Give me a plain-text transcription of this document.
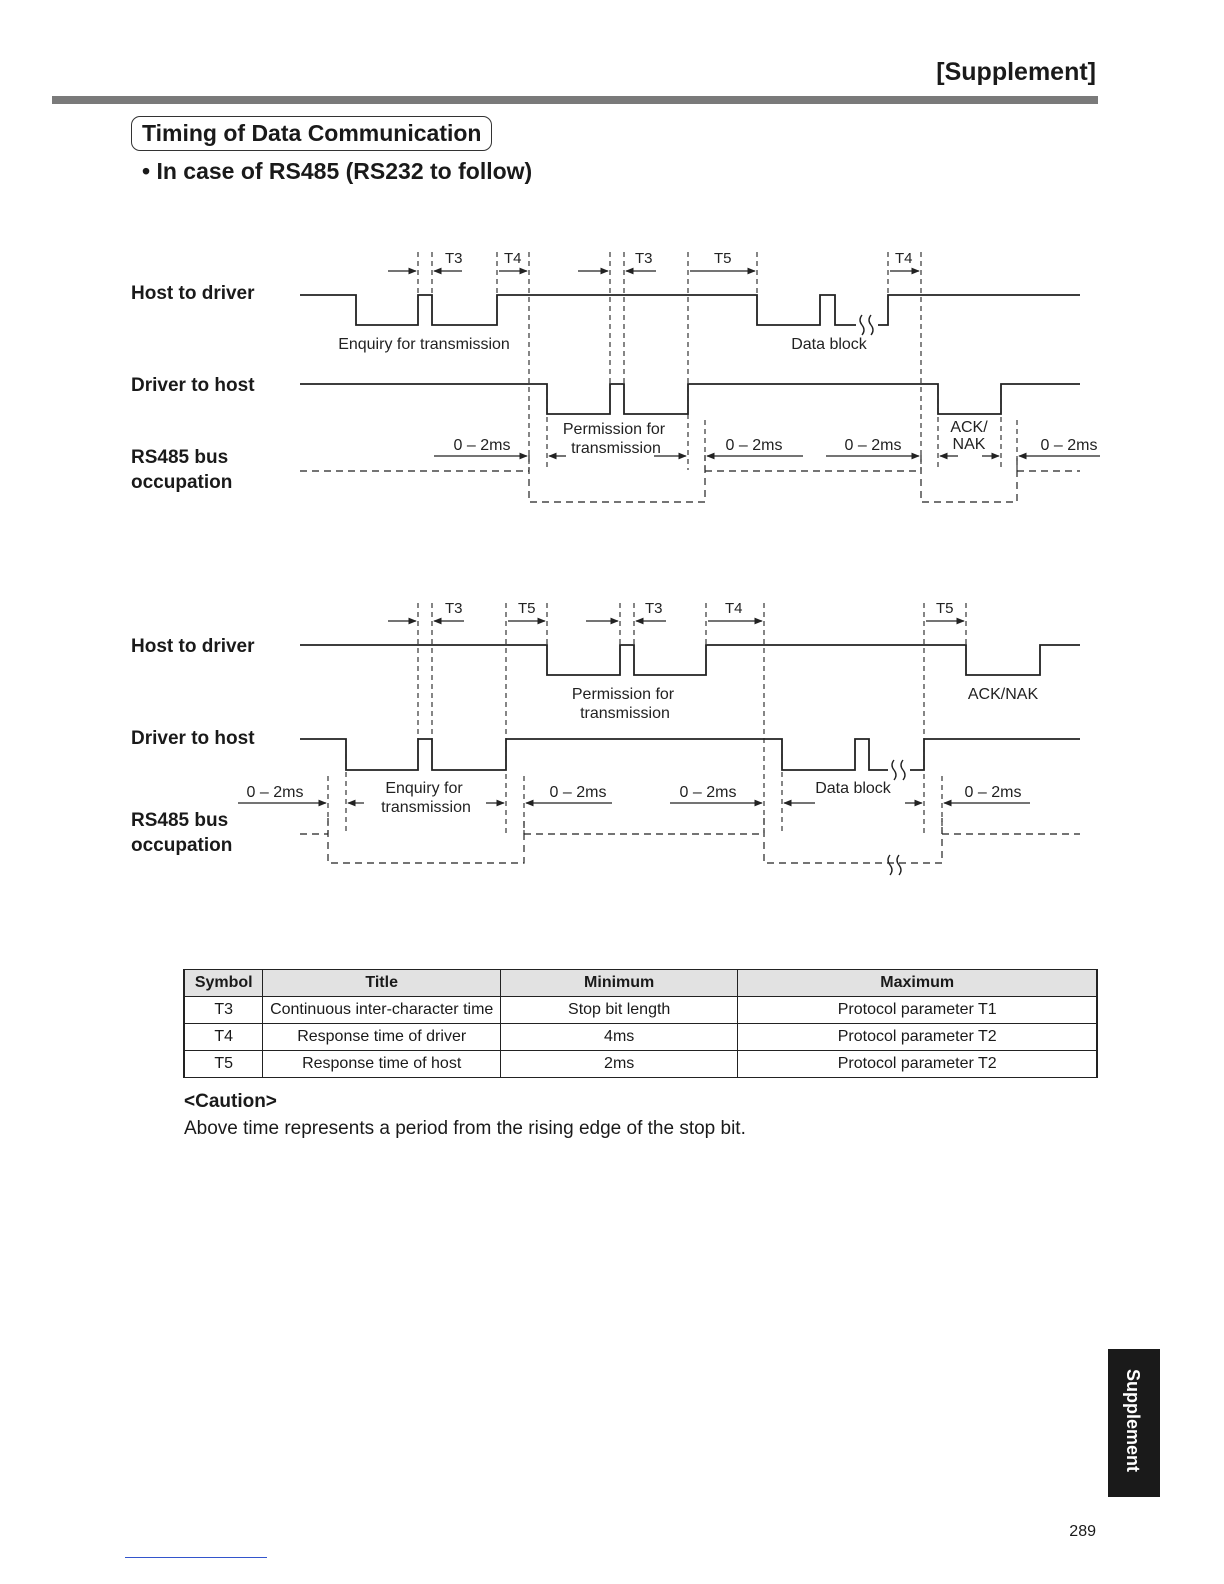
[Supplement]
Timing of Data Communication
• In case of RS485 (RS232 to follow)
Host to driver
Driver to host
RS485 bus
occupation
T3	T4	T3	T5	T4
Enquiry for transmission	Data block
Permission for
transmission
ACK/
NAK
0 – 2ms	0 – 2ms	0 – 2ms	0 – 2ms
Host to driver
Driver to host
RS485 bus
occupation
T3	T5	T3	T4	T5
Permission for
transmission
ACK/NAK
Enquiry for
transmission
Data block
0 – 2ms	0 – 2ms	0 – 2ms	0 – 2ms
Symbol	Title	Minimum	Maximum
T3	Continuous inter-character time	Stop bit length	Protocol parameter T1
T4	Response time of driver	4ms	Protocol parameter T2
T5	Response time of host	2ms	Protocol parameter T2
<Caution>
Above time represents a period from the rising edge of the stop bit.
Supplement
289
